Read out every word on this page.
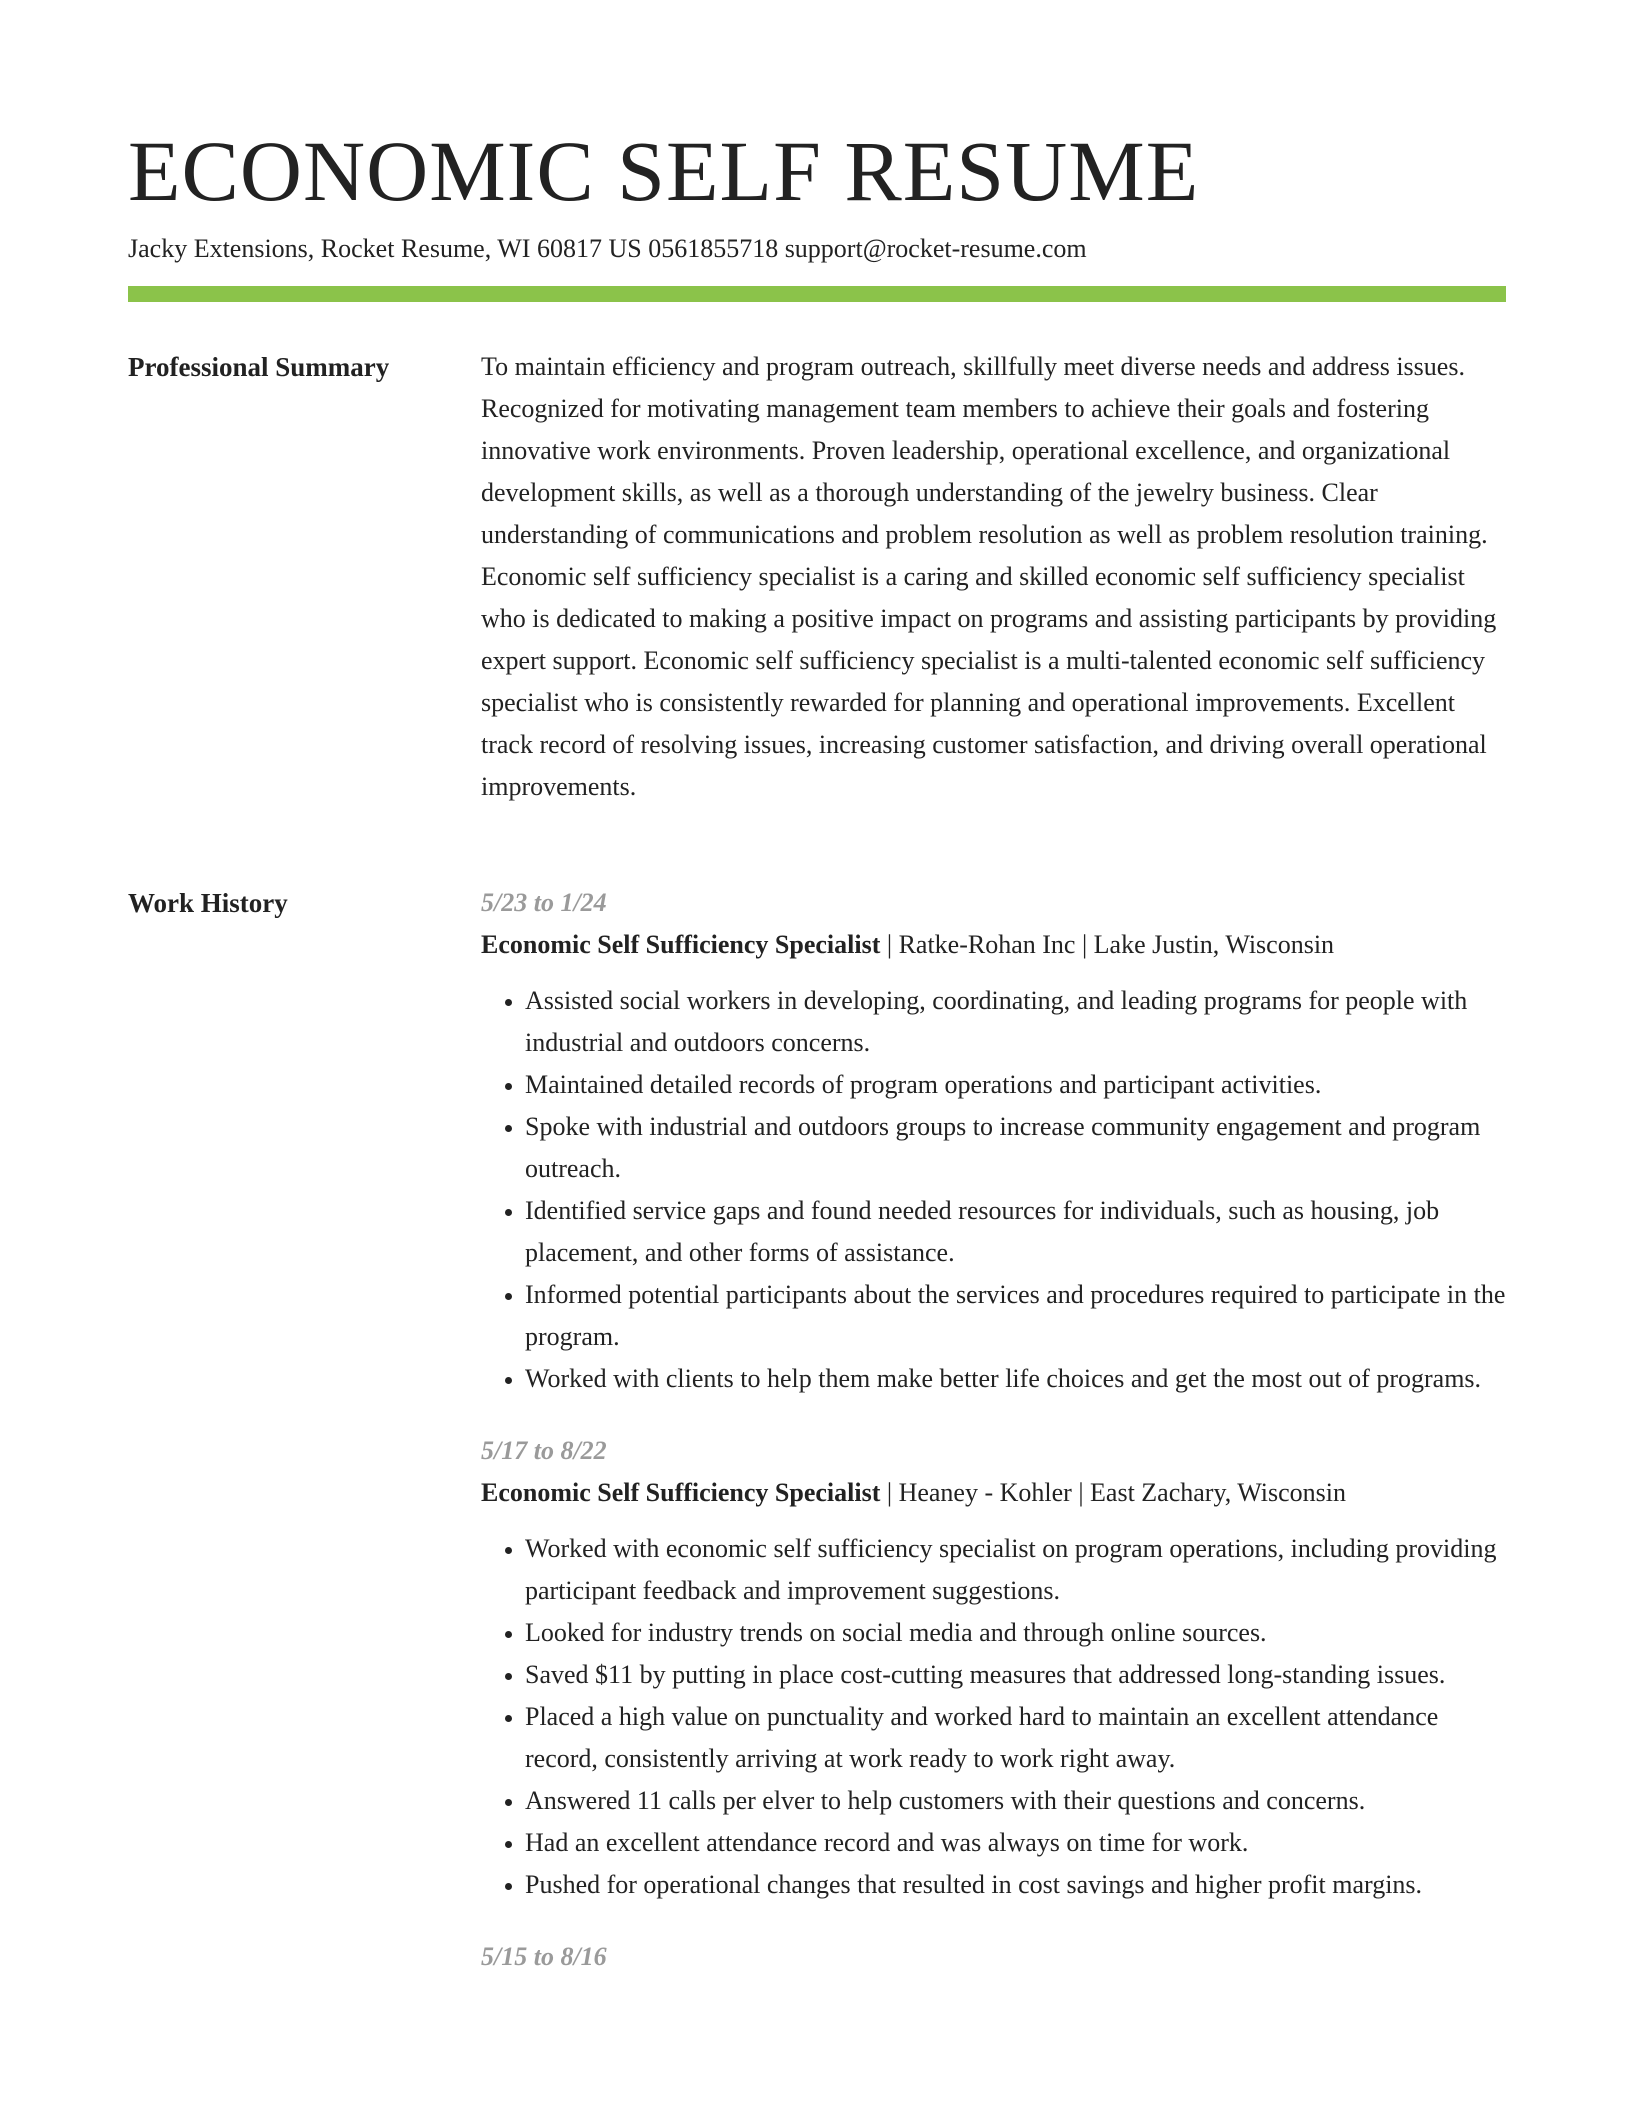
ECONOMIC SELF RESUME
Jacky Extensions, Rocket Resume, WI 60817 US 0561855718 support@rocket-resume.com
Professional Summary	To maintain efficiency and program outreach, skillfully meet diverse needs and address issues. Recognized for motivating management team members to achieve their goals and fostering innovative work environments. Proven leadership, operational excellence, and organizational development skills, as well as a thorough understanding of the jewelry business. Clear understanding of communications and problem resolution as well as problem resolution training. Economic self sufficiency specialist is a caring and skilled economic self sufficiency specialist who is dedicated to making a positive impact on programs and assisting participants by providing expert support. Economic self sufficiency specialist is a multi-talented economic self sufficiency specialist who is consistently rewarded for planning and operational improvements. Excellent track record of resolving issues, increasing customer satisfaction, and driving overall operational improvements.

Work History	5/23 to 1/24
Economic Self Sufficiency Specialist | Ratke-Rohan Inc | Lake Justin, Wisconsin
• Assisted social workers in developing, coordinating, and leading programs for people with industrial and outdoors concerns.
• Maintained detailed records of program operations and participant activities.
• Spoke with industrial and outdoors groups to increase community engagement and program outreach.
• Identified service gaps and found needed resources for individuals, such as housing, job placement, and other forms of assistance.
• Informed potential participants about the services and procedures required to participate in the program.
• Worked with clients to help them make better life choices and get the most out of programs.
5/17 to 8/22
Economic Self Sufficiency Specialist | Heaney - Kohler | East Zachary, Wisconsin
• Worked with economic self sufficiency specialist on program operations, including providing participant feedback and improvement suggestions.
• Looked for industry trends on social media and through online sources.
• Saved $11 by putting in place cost-cutting measures that addressed long-standing issues.
• Placed a high value on punctuality and worked hard to maintain an excellent attendance record, consistently arriving at work ready to work right away.
• Answered 11 calls per elver to help customers with their questions and concerns.
• Had an excellent attendance record and was always on time for work.
• Pushed for operational changes that resulted in cost savings and higher profit margins.
5/15 to 8/16
